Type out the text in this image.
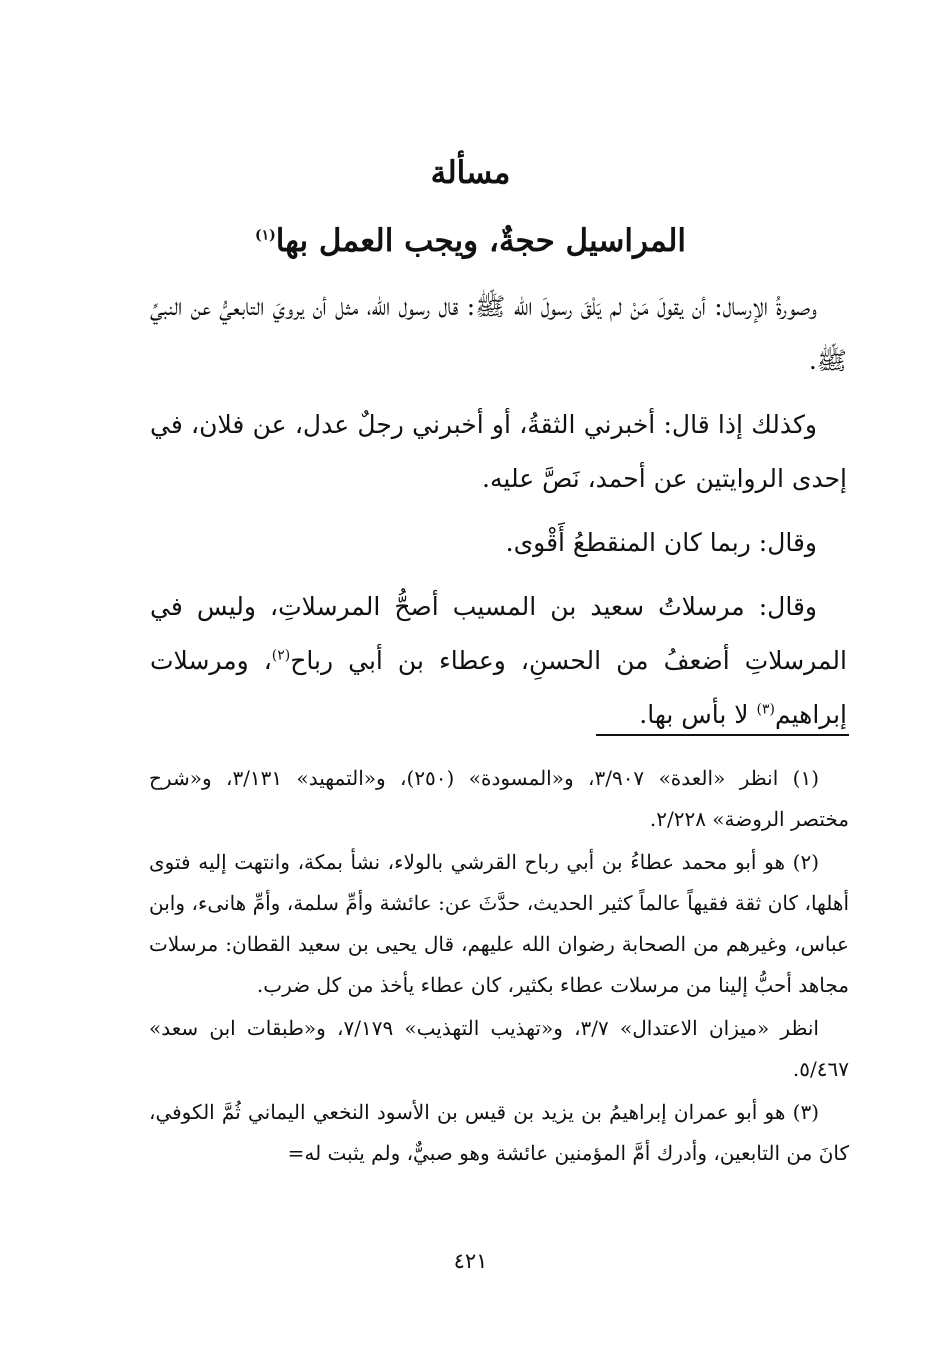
مسألة
المراسيل حجةٌ، ويجب العمل بها$^{(١)}$

وصورةُ الإرسال: أن يقولَ مَنْ لم يَلْقَ رسولَ الله ﷺ: قال رسول الله، مثل أن يرويَ التابعيُّ عن النبيِّ ﷺ.

وكذلك إذا قال: أخبرني الثقةُ، أو أخبرني رجلٌ عدل، عن فلان، في إحدى الروايتين عن أحمد، نَصَّ عليه.

وقال: ربما كان المنقطعُ أَقْوى.

وقال: مرسلاتُ سعيد بن المسيب أصحُّ المرسلاتِ، وليس في المرسلاتِ أضعفُ من الحسنِ، وعطاء بن أبي رباح$^{(٢)}$، ومرسلات إبراهيم$^{(٣)}$ لا بأس بها.

(١) انظر «العدة» ٣/٩٠٧، و«المسودة» (٢٥٠)، و«التمهيد» ٣/١٣١، و«شرح مختصر الروضة» ٢/٢٢٨.

(٢) هو أبو محمد عطاءُ بن أبي رباح القرشي بالولاء، نشأ بمكة، وانتهت إليه فتوى أهلها، كان ثقة فقيهاً عالماً كثير الحديث، حدَّثَ عن: عائشة وأمِّ سلمة، وأمِّ هانىء، وابن عباس، وغيرهم من الصحابة رضوان الله عليهم، قال يحيى بن سعيد القطان: مرسلات مجاهد أحبُّ إلينا من مرسلات عطاء بكثير، كان عطاء يأخذ من كل ضرب.

انظر «ميزان الاعتدال» ٣/٧، و«تهذيب التهذيب» ٧/١٧٩، و«طبقات ابن سعد» ٥/٤٦٧.

(٣) هو أبو عمران إبراهيمُ بن يزيد بن قيس بن الأسود النخعي اليماني ثُمَّ الكوفي، كانَ من التابعين، وأدرك أمَّ المؤمنين عائشة وهو صبيٌّ، ولم يثبت له=

٤٢١
